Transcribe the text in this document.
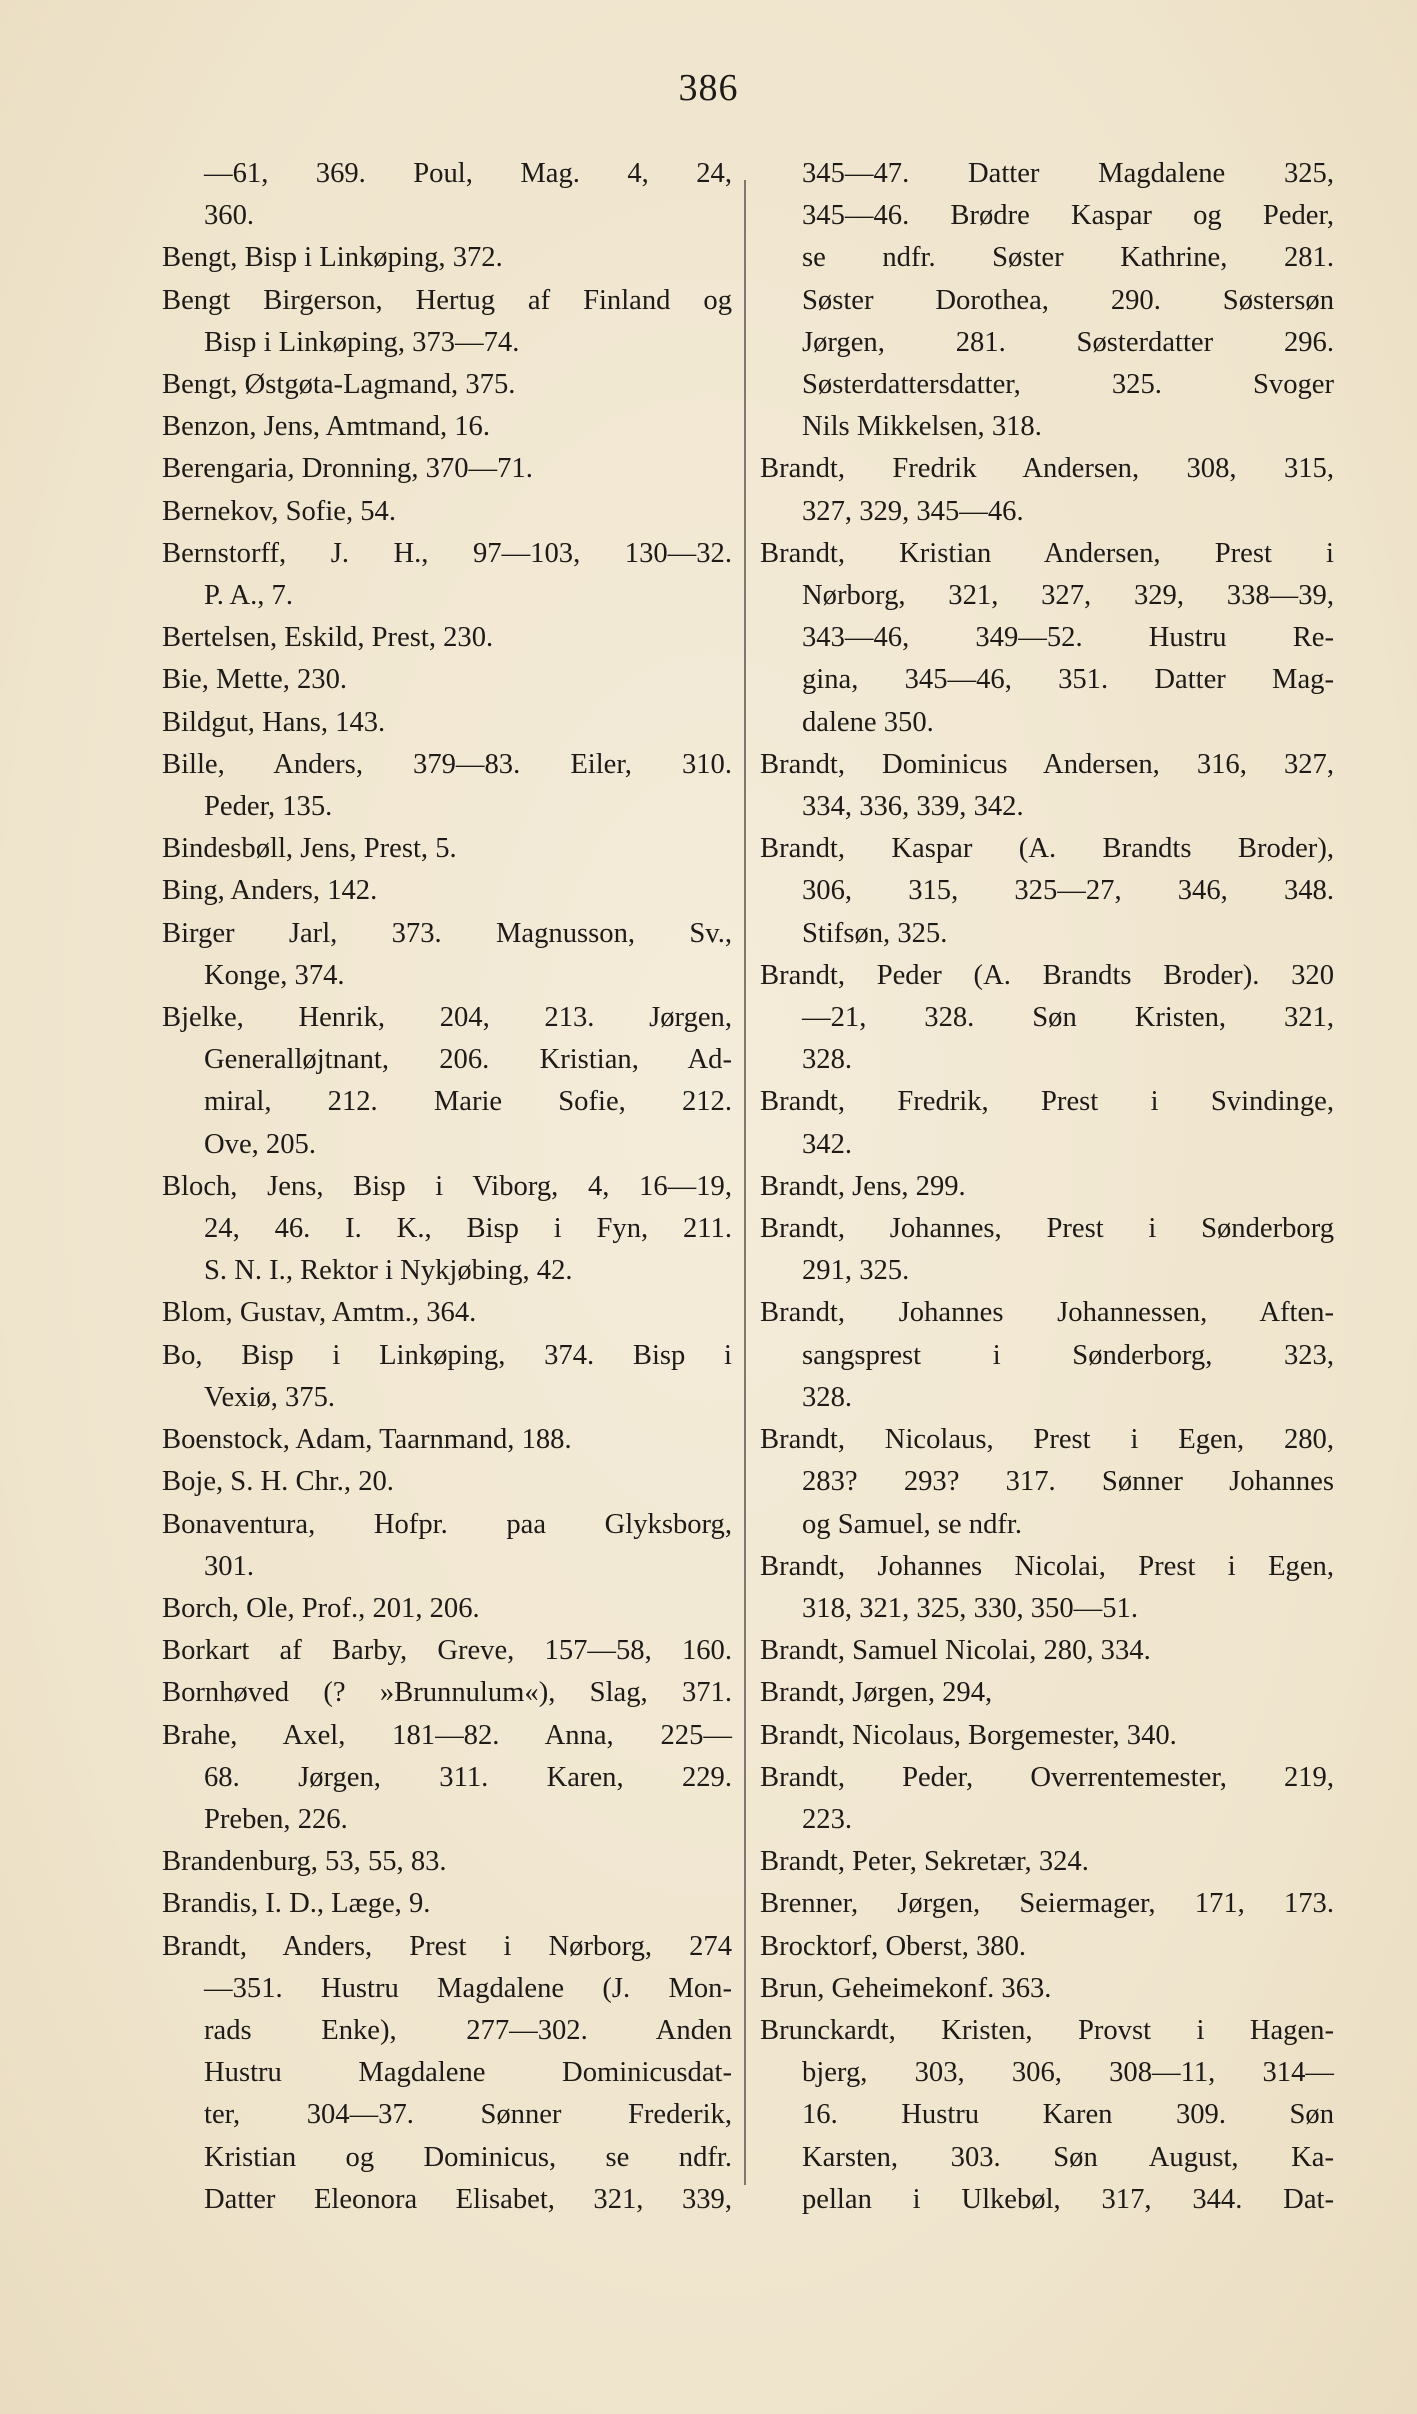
386
—61, 369. Poul, Mag. 4, 24,
360.
Bengt, Bisp i Linkøping, 372.
Bengt Birgerson, Hertug af Finland og
Bisp i Linkøping, 373—74.
Bengt, Østgøta-Lagmand, 375.
Benzon, Jens, Amtmand, 16.
Berengaria, Dronning, 370—71.
Bernekov, Sofie, 54.
Bernstorff, J. H., 97—103, 130—32.
P. A., 7.
Bertelsen, Eskild, Prest, 230.
Bie, Mette, 230.
Bildgut, Hans, 143.
Bille, Anders, 379—83. Eiler, 310.
Peder, 135.
Bindesbøll, Jens, Prest, 5.
Bing, Anders, 142.
Birger Jarl, 373. Magnusson, Sv.,
Konge, 374.
Bjelke, Henrik, 204, 213. Jørgen,
Generalløjtnant, 206. Kristian, Ad-
miral, 212. Marie Sofie, 212.
Ove, 205.
Bloch, Jens, Bisp i Viborg, 4, 16—19,
24, 46. I. K., Bisp i Fyn, 211.
S. N. I., Rektor i Nykjøbing, 42.
Blom, Gustav, Amtm., 364.
Bo, Bisp i Linkøping, 374. Bisp i
Vexiø, 375.
Boenstock, Adam, Taarnmand, 188.
Boje, S. H. Chr., 20.
Bonaventura, Hofpr. paa Glyksborg,
301.
Borch, Ole, Prof., 201, 206.
Borkart af Barby, Greve, 157—58, 160.
Bornhøved (? »Brunnulum«), Slag, 371.
Brahe, Axel, 181—82. Anna, 225—
68. Jørgen, 311. Karen, 229.
Preben, 226.
Brandenburg, 53, 55, 83.
Brandis, I. D., Læge, 9.
Brandt, Anders, Prest i Nørborg, 274
—351. Hustru Magdalene (J. Mon-
rads Enke), 277—302. Anden
Hustru Magdalene Dominicusdat-
ter, 304—37. Sønner Frederik,
Kristian og Dominicus, se ndfr.
Datter Eleonora Elisabet, 321, 339,
345—47. Datter Magdalene 325,
345—46. Brødre Kaspar og Peder,
se ndfr. Søster Kathrine, 281.
Søster Dorothea, 290. Søstersøn
Jørgen, 281. Søsterdatter 296.
Søsterdattersdatter, 325. Svoger
Nils Mikkelsen, 318.
Brandt, Fredrik Andersen, 308, 315,
327, 329, 345—46.
Brandt, Kristian Andersen, Prest i
Nørborg, 321, 327, 329, 338—39,
343—46, 349—52. Hustru Re-
gina, 345—46, 351. Datter Mag-
dalene 350.
Brandt, Dominicus Andersen, 316, 327,
334, 336, 339, 342.
Brandt, Kaspar (A. Brandts Broder),
306, 315, 325—27, 346, 348.
Stifsøn, 325.
Brandt, Peder (A. Brandts Broder). 320
—21, 328. Søn Kristen, 321,
328.
Brandt, Fredrik, Prest i Svindinge,
342.
Brandt, Jens, 299.
Brandt, Johannes, Prest i Sønderborg
291, 325.
Brandt, Johannes Johannessen, Aften-
sangsprest i Sønderborg, 323,
328.
Brandt, Nicolaus, Prest i Egen, 280,
283? 293? 317. Sønner Johannes
og Samuel, se ndfr.
Brandt, Johannes Nicolai, Prest i Egen,
318, 321, 325, 330, 350—51.
Brandt, Samuel Nicolai, 280, 334.
Brandt, Jørgen, 294,
Brandt, Nicolaus, Borgemester, 340.
Brandt, Peder, Overrentemester, 219,
223.
Brandt, Peter, Sekretær, 324.
Brenner, Jørgen, Seiermager, 171, 173.
Brocktorf, Oberst, 380.
Brun, Geheimekonf. 363.
Brunckardt, Kristen, Provst i Hagen-
bjerg, 303, 306, 308—11, 314—
16. Hustru Karen 309. Søn
Karsten, 303. Søn August, Ka-
pellan i Ulkebøl, 317, 344. Dat-
